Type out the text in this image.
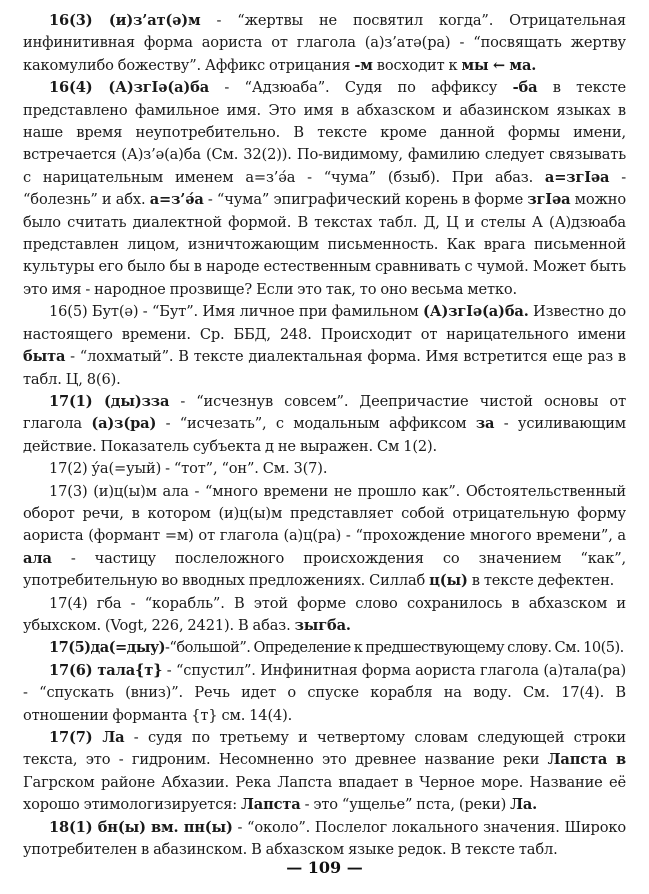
16(3) (и)з’ат(ә)м - “жертвы не посвятил когда”. Отрицательная инфинитивная форма аориста от глагола (а)з’атә(ра) - “посвящать жертву какомулибо божеству”. Аффикс отрицания -м восходит к мы ← ма.

16(4) (А)згIә(а)ба - “Адзюаба”. Судя по аффиксу -ба в тексте представлено фамильное имя. Это имя в абхазском и абазинском языках в наше время неупотребительно. В тексте кроме данной формы имени, встречается (А)з’ә(а)ба (См. 32(2)). По-видимому, фамилию следует связывать с нарицательным именем а=з’ә́а - “чума” (бзыб). При абаз. а=згIәа - “болезнь” и абх. а=з’ә́а - “чума” эпиграфический корень в форме згIәа можно было считать диалектной формой. В текстах табл. Д, Ц и стелы А (А)дзюаба представлен лицом, изничтожающим письменность. Как врага письменной культуры его было бы в народе естественным сравнивать с чумой. Может быть это имя - народное прозвище? Если это так, то оно весьма метко.

16(5) Бут(ә) - “Бут”. Имя личное при фамильном (А)згIә(а)ба. Известно до настоящего времени. Ср. ББД, 248. Происходит от нарицательного имени быта - “лохматый”. В тексте диалектальная форма. Имя встретится еще раз в табл. Ц, 8(6).

17(1) (ды)зза - “исчезнув совсем”. Деепричастие чистой основы от глагола (а)з(ра) - “исчезать”, с модальным аффиксом за - усиливающим действие. Показатель субъекта д не выражен. См 1(2).

17(2) у́а(=уый) - “тот”, “он”. См. 3(7).

17(3) (и)ц(ы)м ала - “много времени не прошло как”. Обстоятельственный оборот речи, в котором (и)ц(ы)м представляет собой отрицательную форму аориста (формант =м) от глагола (а)ц(ра) - “прохождение многого времени”, а ала - частицу послеложного происхождения со значением “как”, употребительную во вводных предложениях. Силлаб ц(ы) в тексте дефектен.

17(4) гба - “корабль”. В этой форме слово сохранилось в абхазском и убыхском. (Vogt, 226, 2421). В абаз. зыгба.

17(5)да(=дыу)-“большой”. Определение к предшествующему слову. См. 10(5).

17(6) тала{т} - “спустил”. Инфинитная форма аориста глагола (а)тала(ра) - “спускать (вниз)”. Речь идет о спуске корабля на воду. См. 17(4). В отношении форманта {т} см. 14(4).

17(7) Ла - судя по третьему и четвертому словам следующей строки текста, это - гидроним. Несомненно это древнее название реки Лапста в Гагрском районе Абхазии. Река Лапста впадает в Черное море. Название её хорошо этимологизируется: Лапста - это “ущелье” пста, (реки) Ла.

18(1) бн(ы) вм. пн(ы) - “около”. Послелог локального значения. Широко употребителен в абазинском. В абхазском языке редок. В тексте табл.

— 109 —
